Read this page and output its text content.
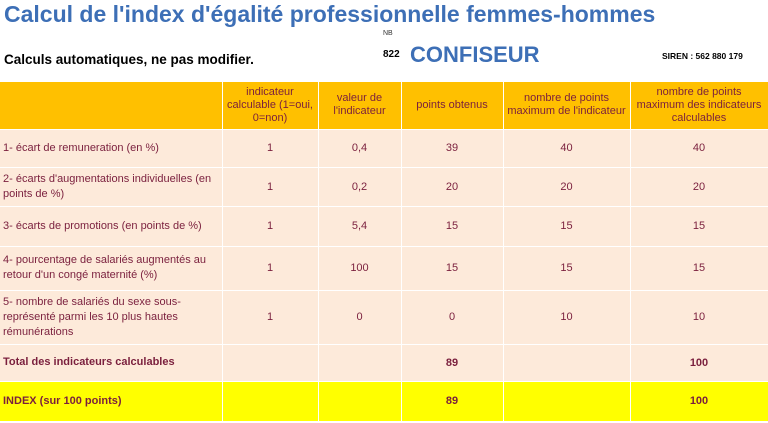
Calcul de l'index d'égalité professionnelle femmes-hommes
Calculs automatiques, ne pas modifier.
NB
822 CONFISEUR	SIREN : 562 880 179
	indicateur calculable (1=oui, 0=non)	valeur de l'indicateur	points obtenus	nombre de points maximum de l'indicateur	nombre de points maximum des indicateurs calculables
1- écart de remuneration (en %)	1	0,4	39	40	40
2- écarts d'augmentations individuelles (en points de %)	1	0,2	20	20	20
3- écarts de promotions (en points de %)	1	5,4	15	15	15
4- pourcentage de salariés augmentés au retour d'un congé maternité (%)	1	100	15	15	15
5- nombre de salariés du sexe sous-représenté parmi les 10 plus hautes rémunérations	1	0	0	10	10
Total des indicateurs calculables			89		100
INDEX (sur 100 points)			89		100
